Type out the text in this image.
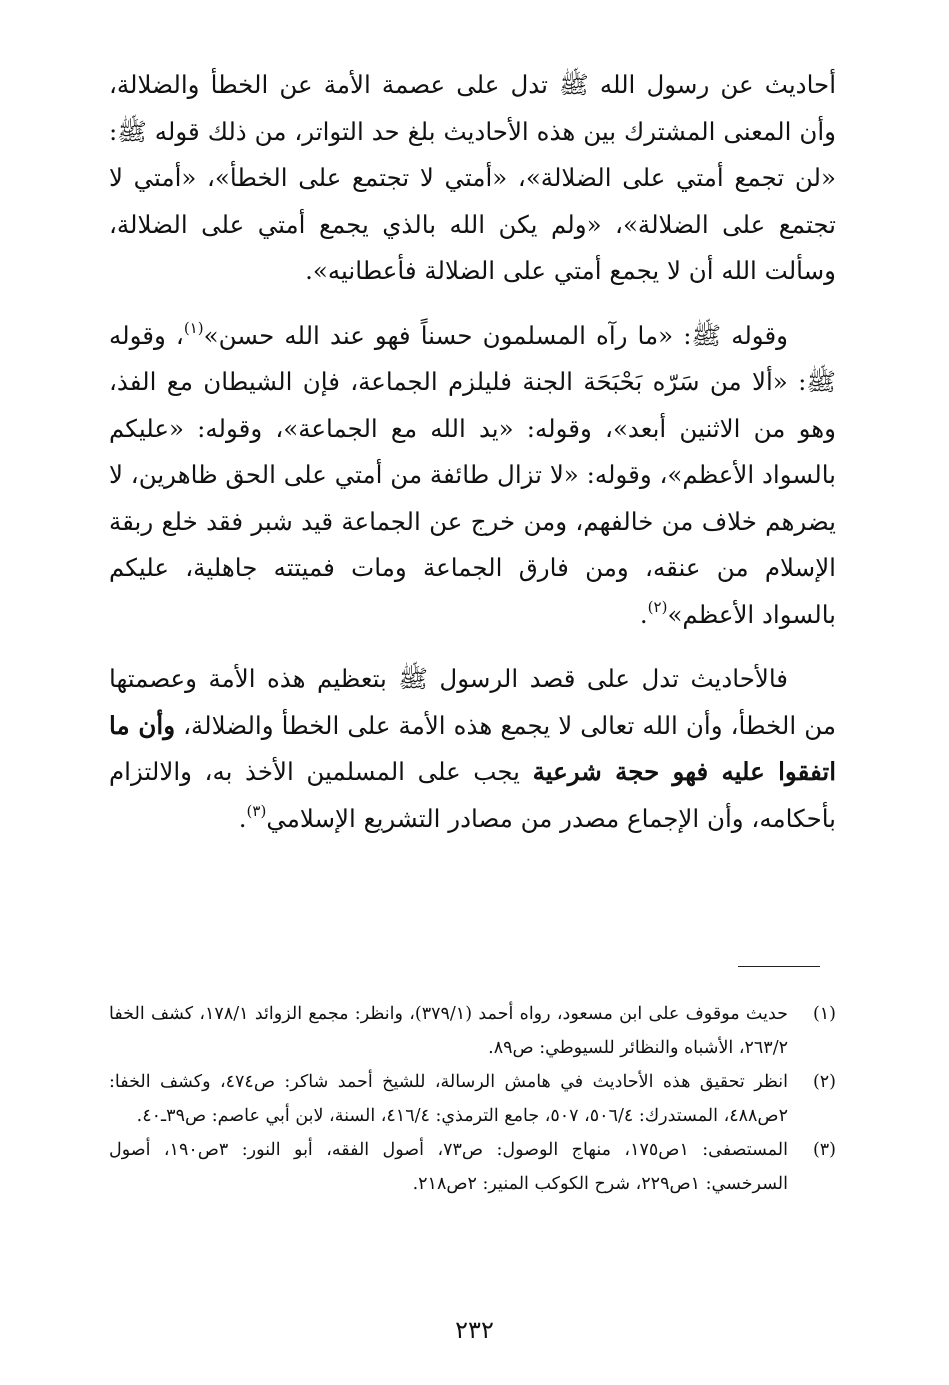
أحاديث عن رسول الله ﷺ تدل على عصمة الأمة عن الخطأ والضلالة، وأن المعنى المشترك بين هذه الأحاديث بلغ حد التواتر، من ذلك قوله ﷺ: «لن تجمع أمتي على الضلالة»، «أمتي لا تجتمع على الخطأ»، «أمتي لا تجتمع على الضلالة»، «ولم يكن الله بالذي يجمع أمتي على الضلالة، وسألت الله أن لا يجمع أمتي على الضلالة فأعطانيه».

وقوله ﷺ: «ما رآه المسلمون حسناً فهو عند الله حسن»$^{(١)}$، وقوله ﷺ: «ألا من سَرّه بَحْبَحَة الجنة فليلزم الجماعة، فإن الشيطان مع الفذ، وهو من الاثنين أبعد»، وقوله: «يد الله مع الجماعة»، وقوله: «عليكم بالسواد الأعظم»، وقوله: «لا تزال طائفة من أمتي على الحق ظاهرين، لا يضرهم خلاف من خالفهم، ومن خرج عن الجماعة قيد شبر فقد خلع ربقة الإسلام من عنقه، ومن فارق الجماعة ومات فميتته جاهلية، عليكم بالسواد الأعظم»$^{(٢)}$.

فالأحاديث تدل على قصد الرسول ﷺ بتعظيم هذه الأمة وعصمتها من الخطأ، وأن الله تعالى لا يجمع هذه الأمة على الخطأ والضلالة، وأن ما اتفقوا عليه فهو حجة شرعية يجب على المسلمين الأخذ به، والالتزام بأحكامه، وأن الإجماع مصدر من مصادر التشريع الإسلامي$^{(٣)}$.

(١)
حديث موقوف على ابن مسعود، رواه أحمد (٣٧٩/١)، وانظر: مجمع الزوائد ١٧٨/١، كشف الخفا ٢٦٣/٢، الأشباه والنظائر للسيوطي: ص٨٩.
(٢)
انظر تحقيق هذه الأحاديث في هامش الرسالة، للشيخ أحمد شاكر: ص٤٧٤، وكشف الخفا: ٢ص٤٨٨، المستدرك: ٥٠٦/٤، ٥٠٧، جامع الترمذي: ٤١٦/٤، السنة، لابن أبي عاصم: ص٣٩ـ٤٠.
(٣)
المستصفى: ١ص١٧٥، منهاج الوصول: ص٧٣، أصول الفقه، أبو النور: ٣ص١٩٠، أصول السرخسي: ١ص٢٢٩، شرح الكوكب المنير: ٢ص٢١٨.
٢٣٢
